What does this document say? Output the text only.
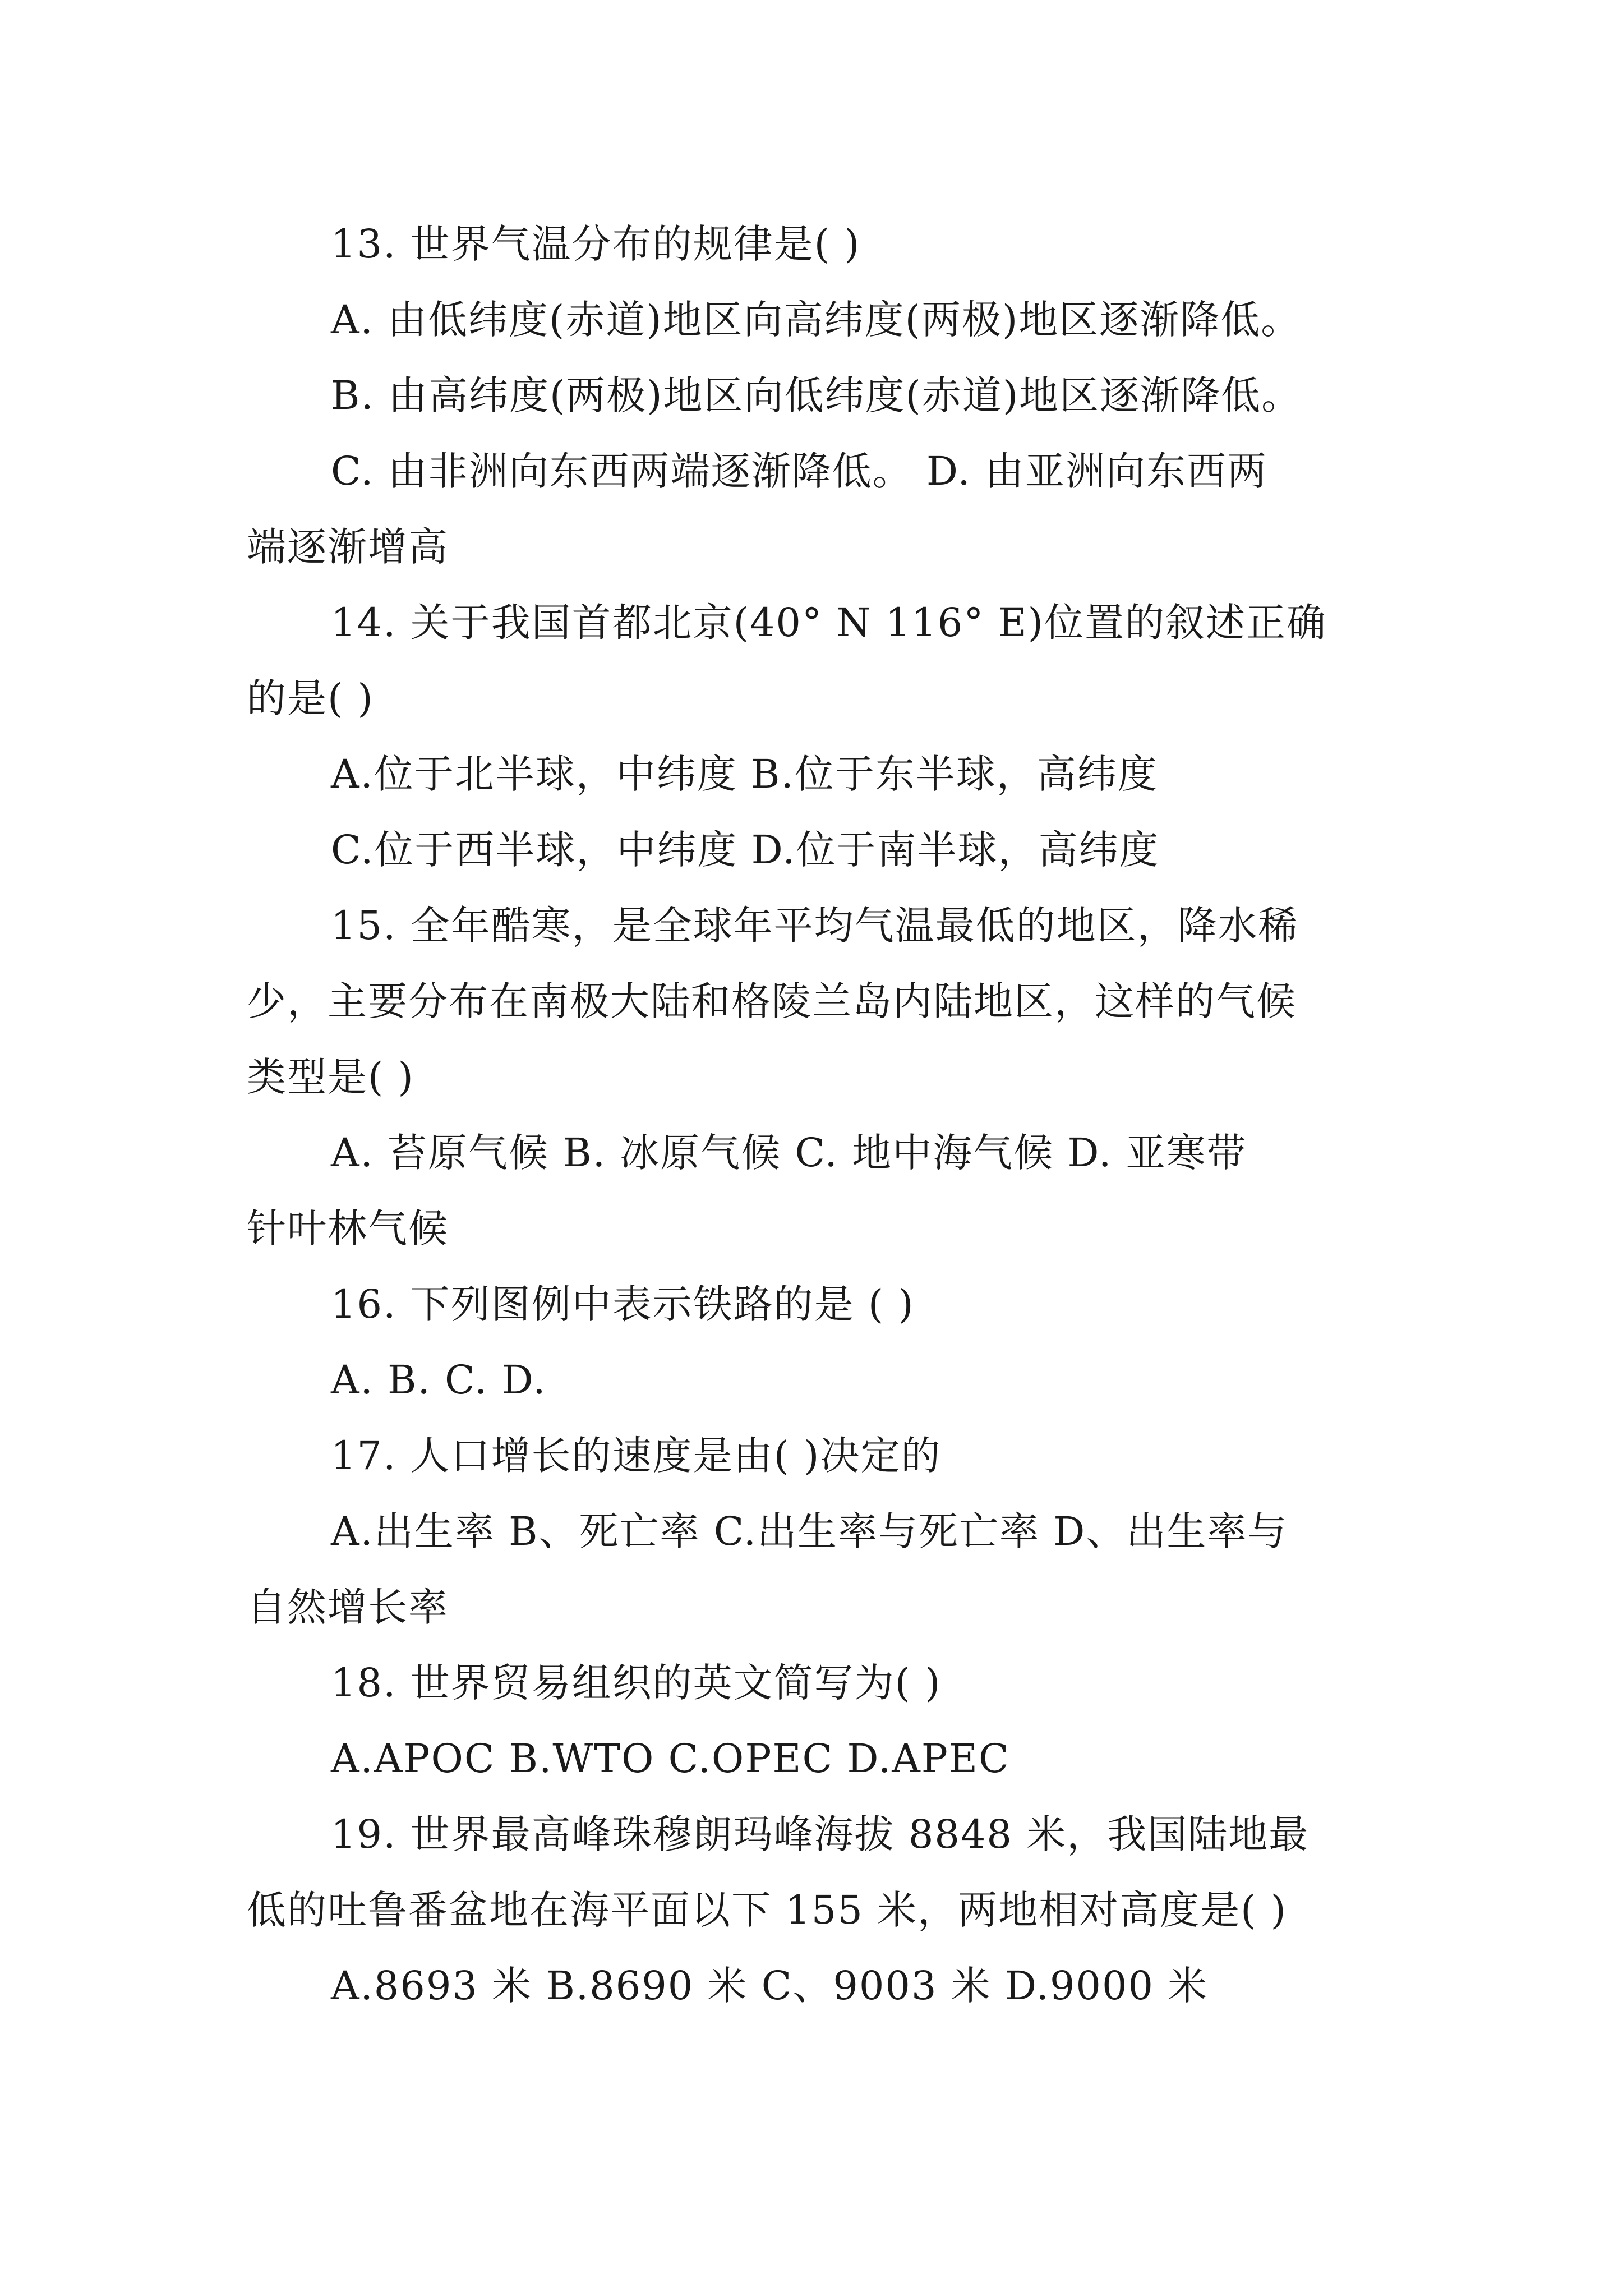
13. 世界气温分布的规律是( )
A. 由低纬度(赤道)地区向高纬度(两极)地区逐渐降低。
B. 由高纬度(两极)地区向低纬度(赤道)地区逐渐降低。
C. 由非洲向东西两端逐渐降低。 D. 由亚洲向东西两
端逐渐增高
14. 关于我国首都北京(40° N 116° E)位置的叙述正确
的是( )
A.位于北半球，中纬度 B.位于东半球，高纬度
C.位于西半球，中纬度 D.位于南半球，高纬度
15. 全年酷寒，是全球年平均气温最低的地区，降水稀
少，主要分布在南极大陆和格陵兰岛内陆地区，这样的气候
类型是( )
A. 苔原气候 B. 冰原气候 C. 地中海气候 D. 亚寒带
针叶林气候
16. 下列图例中表示铁路的是 ( )
A. B. C. D.
17. 人口增长的速度是由( )决定的
A.出生率 B、死亡率 C.出生率与死亡率 D、出生率与
自然增长率
18. 世界贸易组织的英文简写为( )
A.APOC B.WTO C.OPEC D.APEC
19. 世界最高峰珠穆朗玛峰海拔 8848 米，我国陆地最
低的吐鲁番盆地在海平面以下 155 米，两地相对高度是( )
A.8693 米 B.8690 米 C、9003 米 D.9000 米
